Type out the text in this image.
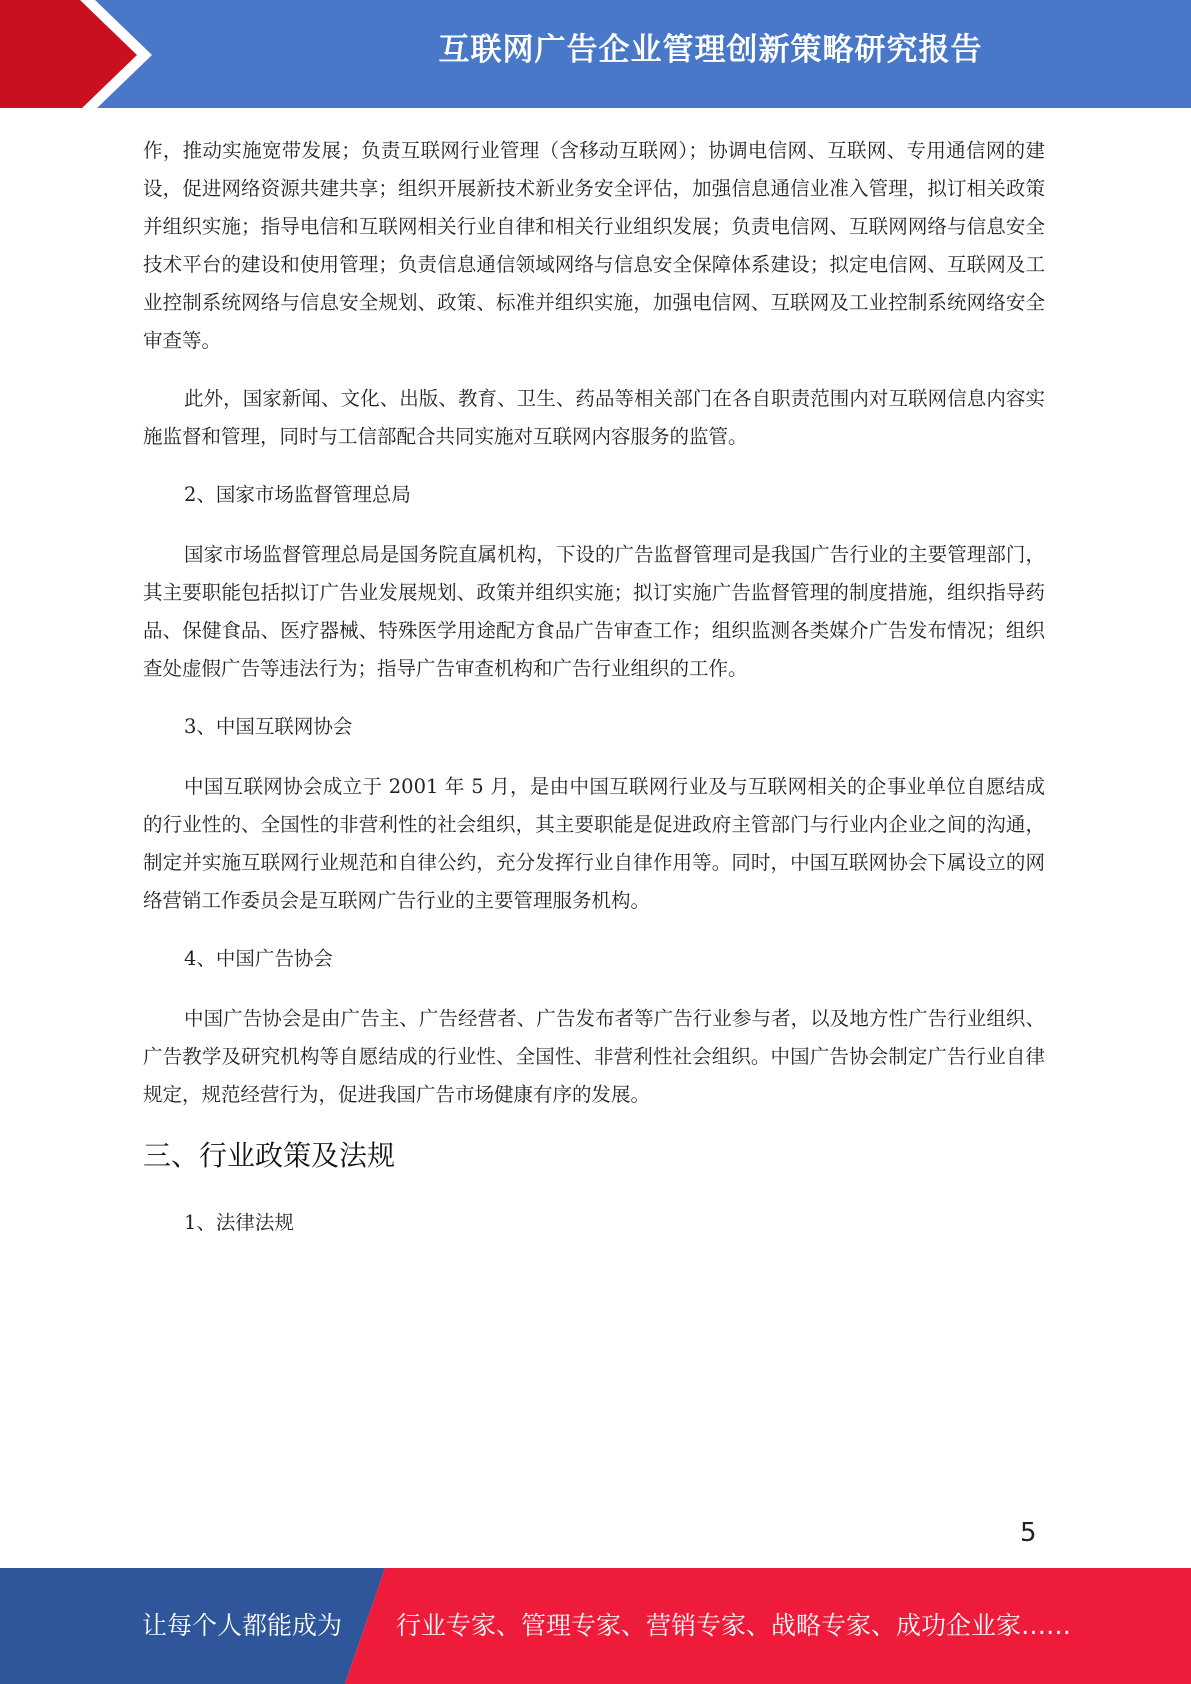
互联网广告企业管理创新策略研究报告

作，推动实施宽带发展；负责互联网行业管理（含移动互联网）；协调电信网、互联网、专用通信网的建设，促进网络资源共建共享；组织开展新技术新业务安全评估，加强信息通信业准入管理，拟订相关政策并组织实施；指导电信和互联网相关行业自律和相关行业组织发展；负责电信网、互联网网络与信息安全技术平台的建设和使用管理；负责信息通信领域网络与信息安全保障体系建设；拟定电信网、互联网及工业控制系统网络与信息安全规划、政策、标准并组织实施，加强电信网、互联网及工业控制系统网络安全审查等。

此外，国家新闻、文化、出版、教育、卫生、药品等相关部门在各自职责范围内对互联网信息内容实施监督和管理，同时与工信部配合共同实施对互联网内容服务的监管。

2、国家市场监督管理总局

国家市场监督管理总局是国务院直属机构，下设的广告监督管理司是我国广告行业的主要管理部门，其主要职能包括拟订广告业发展规划、政策并组织实施；拟订实施广告监督管理的制度措施，组织指导药品、保健食品、医疗器械、特殊医学用途配方食品广告审查工作；组织监测各类媒介广告发布情况；组织查处虚假广告等违法行为；指导广告审查机构和广告行业组织的工作。

3、中国互联网协会

中国互联网协会成立于 2001 年 5 月，是由中国互联网行业及与互联网相关的企事业单位自愿结成的行业性的、全国性的非营利性的社会组织，其主要职能是促进政府主管部门与行业内企业之间的沟通，制定并实施互联网行业规范和自律公约，充分发挥行业自律作用等。同时，中国互联网协会下属设立的网络营销工作委员会是互联网广告行业的主要管理服务机构。

4、中国广告协会

中国广告协会是由广告主、广告经营者、广告发布者等广告行业参与者，以及地方性广告行业组织、广告教学及研究机构等自愿结成的行业性、全国性、非营利性社会组织。中国广告协会制定广告行业自律规定，规范经营行为，促进我国广告市场健康有序的发展。

三、行业政策及法规

1、法律法规

5
让每个人都能成为 行业专家、管理专家、营销专家、战略专家、成功企业家……
